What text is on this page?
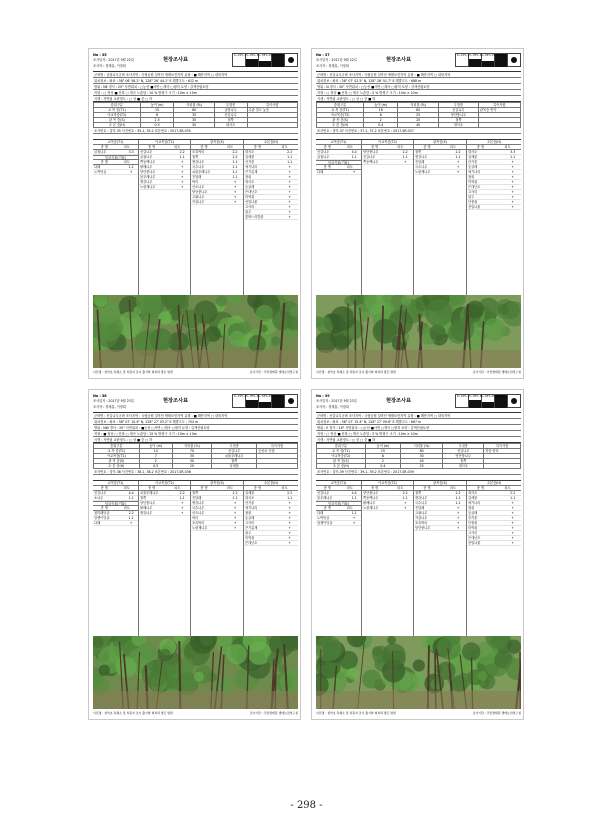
No : 35
조사일자 : 2017년 9월 22일
조사자 : 정재훈, 이정희
현장조사표
0~15% 15~35% 35~55% 55~100%
군락명 : 굴참나무군락 조사지역 : 국립공원 설악산 생태보전지역 유형 : ■ 해안지역 □ 내륙지역
위치정보 : 좌표 : 38° 06' 58.2" N, 128° 26' 44.1" E 해발고도 : 612 m
방위 : NE 경사 : 25° 사면위치 : □능선 ■사면 □계곡 □평지 토양 : 갈색산림토양
지형 : □ 정상 ■ 산복 □ 계곡 노출암 : 10 % 방형구 크기 : 10m × 10m
식생 : 자연림 교란정도 : □ 상 ■ 중 □ 하
층위구분	높이 (m)	식피율 (%)	우점종	특이사항
교 목 층(T1)	15	80	굴참나무	수관 밀도 높음
아교목층(T2)	8	35	신갈나무	
관 목 층(S)	2.5	30	철쭉	
초 본 층(H)	0.5	30	대사초	
조사번호 : 설악-35 사진번호 : 35-1, 35-2 표본번호 : 2017-SR-035
교목층(T1)
종 명	피도
굴참나무	3.3
덩굴식물(기타)
종 명	피도
다래	1.1
노박덩굴	+
아교목층(T2)
종 명	피도
신갈나무	2.2
굴참나무	1.1
쪽동백나무	+
팥배나무	+
당단풍나무	+
물푸레나무	+
생강나무	+
노린재나무	+
관목층(S)
종 명	피도
조록싸리	2.2
철쭉	2.2
생강나무	1.1
국수나무	1.1
쇠물푸레나무	1.1
진달래	1.1
싸리	+
산초나무	+
당단풍나무	+
고광나무	+
작살나무	+
초본층(H)
종 명	피도
대사초	2.2
실새풀	1.1
산거울	1.1
애기나리	+
큰기름새	+
참취	+
대사초	+
둥굴레	+
은대난초	+
미역취	+
선밀나물	+
고사리	+
삽주	+
꽃며느리밥풀	+
사진명 : 설악초 특쇄소 및 복원지 조사 출기와 회복력 좋은 방편	조사기관 : 국립생태원 생태보전연구실
No : 37
조사일자 : 2017년 9월 22일
조사자 : 정재훈, 이정희
현장조사표
0~15% 15~35% 35~55% 55~100%
군락명 : 신갈나무군락 조사지역 : 국립공원 설악산 생태보전지역 유형 : ■ 해안지역 □ 내륙지역
위치정보 : 좌표 : 38° 07' 02.5" N, 128° 26' 51.7" E 해발고도 : 688 m
방위 : N 경사 : 30° 사면위치 : □능선 ■사면 □계곡 □평지 토양 : 갈색산림토양
지형 : □ 정상 ■ 산복 □ 계곡 노출암 : 5 % 방형구 크기 : 10m × 10m
식생 : 자연림 교란정도 : □ 상 □ 중 ■ 하
층위구분	높이 (m)	식피율 (%)	우점종	특이사항
교 목 층(T1)	16	85	신갈나무	관목층 빈약
아교목층(T2)	8	25	당단풍나무	
관 목 층(S)	2	20	철쭉	
초 본 층(H)	0.4	40	대사초	
조사번호 : 설악-37 사진번호 : 37-1, 37-2 표본번호 : 2017-SR-037
교목층(T1)
종 명	피도
신갈나무	4.4
굴참나무	1.1
덩굴식물(기타)
종 명	피도
다래	+
아교목층(T2)
종 명	피도
당단풍나무	2.2
신갈나무	1.1
쪽동백나무	+
관목층(S)
종 명	피도
철쭉	2.2
생강나무	1.1
진달래	+
국수나무	+
노린재나무	+
초본층(H)
종 명	피도
대사초	3.3
실새풀	1.1
산거울	+
둥굴레	+
애기나리	+
참취	+
미역취	+
은대난초	+
고사리	+
삽주	+
단풍취	+
선밀나물	+
사진명 : 설악초 특쇄소 및 복원지 조사 출기와 회복력 좋은 방편	조사기관 : 국립생태원 생태보전연구실
No : 38
조사일자 : 2017년 9월 23일
조사자 : 정재훈, 이정희
현장조사표
0~15% 15~35% 35~55% 55~100%
군락명 : 신갈나무군락 조사지역 : 국립공원 설악산 생태보전지역 유형 : ■ 해안지역 □ 내륙지역
위치정보 : 좌표 : 38° 07' 10.9" N, 128° 27' 03.2" E 해발고도 : 704 m
방위 : NW 경사 : 20° 사면위치 : ■능선 □사면 □계곡 □평지 토양 : 갈색산림토양
지형 : ■ 정상 □ 산복 □ 계곡 노출암 : 15 % 방형구 크기 : 10m × 10m
식생 : 자연림 교란정도 : □ 상 ■ 중 □ 하
층위구분	높이 (m)	식피율 (%)	우점종	특이사항
교 목 층(T1)	14	70	신갈나무	등산로 인접
아교목층(T2)	7	30	쇠물푸레나무	
관 목 층(S)	2	30	철쭉	
초 본 층(H)	0.5	20	실새풀	
조사번호 : 설악-38 사진번호 : 38-1, 38-2 표본번호 : 2017-SR-038
교목층(T1)
종 명	피도
신갈나무	4.4
소나무	1.1
덩굴식물(기타)
종 명	피도
청미래덩굴	2.2
담쟁이덩굴	1.1
다래	+
아교목층(T2)
종 명	피도
쇠물푸레나무	2.2
철쭉	1.1
당단풍나무	+
팥배나무	+
생강나무	+
관목층(S)
종 명	피도
철쭉	2.2
진달래	1.1
생강나무	+
국수나무	+
산초나무	+
싸리	+
조록싸리	+
노린재나무	+
초본층(H)
종 명	피도
실새풀	2.2
대사초	1.1
산거울	+
애기나리	+
참취	+
둥굴레	+
고사리	+
큰기름새	+
삽주	+
미역취	+
은대난초	+
사진명 : 설악초 특쇄소 및 복원지 조사 출기와 회복력 좋은 방편	조사기관 : 국립생태원 생태보전연구실
No : 39
조사일자 : 2017년 9월 23일
조사자 : 정재훈, 이정희
현장조사표
0~15% 15~35% 35~55% 55~100%
군락명 : 신갈나무군락 조사지역 : 국립공원 설악산 생태보전지역 유형 : ■ 해안지역 □ 내륙지역
위치정보 : 좌표 : 38° 07' 15.4" N, 128° 27' 09.8" E 해발고도 : 667 m
방위 : E 경사 : 18° 사면위치 : □능선 ■사면 □계곡 □평지 토양 : 갈색산림토양
지형 : □ 정상 ■ 산복 □ 계곡 노출암 : 3 % 방형구 크기 : 10m × 10m
식생 : 자연림 교란정도 : □ 상 □ 중 ■ 하
층위구분	높이 (m)	식피율 (%)	우점종	특이사항
교 목 층(T1)	15	80	신갈나무	하층 양호
아교목층(T2)	8	30	당단풍나무	
관 목 층(S)	2	40	철쭉	
초 본 층(H)	0.4	25	대사초	
조사번호 : 설악-39 사진번호 : 39-1, 39-2 표본번호 : 2017-SR-039
교목층(T1)
종 명	피도
신갈나무	4.4
물푸레나무	1.1
덩굴식물(기타)
종 명	피도
다래	1.1
노박덩굴	+
담쟁이덩굴	+
아교목층(T2)
종 명	피도
당단풍나무	2.2
쪽동백나무	1.1
팥배나무	+
노린재나무	+
관목층(S)
종 명	피도
철쭉	2.2
생강나무	1.1
국수나무	1.1
진달래	+
고광나무	+
작살나무	+
조록싸리	+
당단풍나무	+
초본층(H)
종 명	피도
대사초	2.2
실새풀	1.1
애기나리	+
참취	+
둥굴레	+
산거울	+
단풍취	+
미역취	+
고사리	+
은대난초	+
선밀나물	+
사진명 : 설악초 특쇄소 및 복원지 조사 출기와 회복력 좋은 방편	조사기관 : 국립생태원 생태보전연구실
- 298 -
